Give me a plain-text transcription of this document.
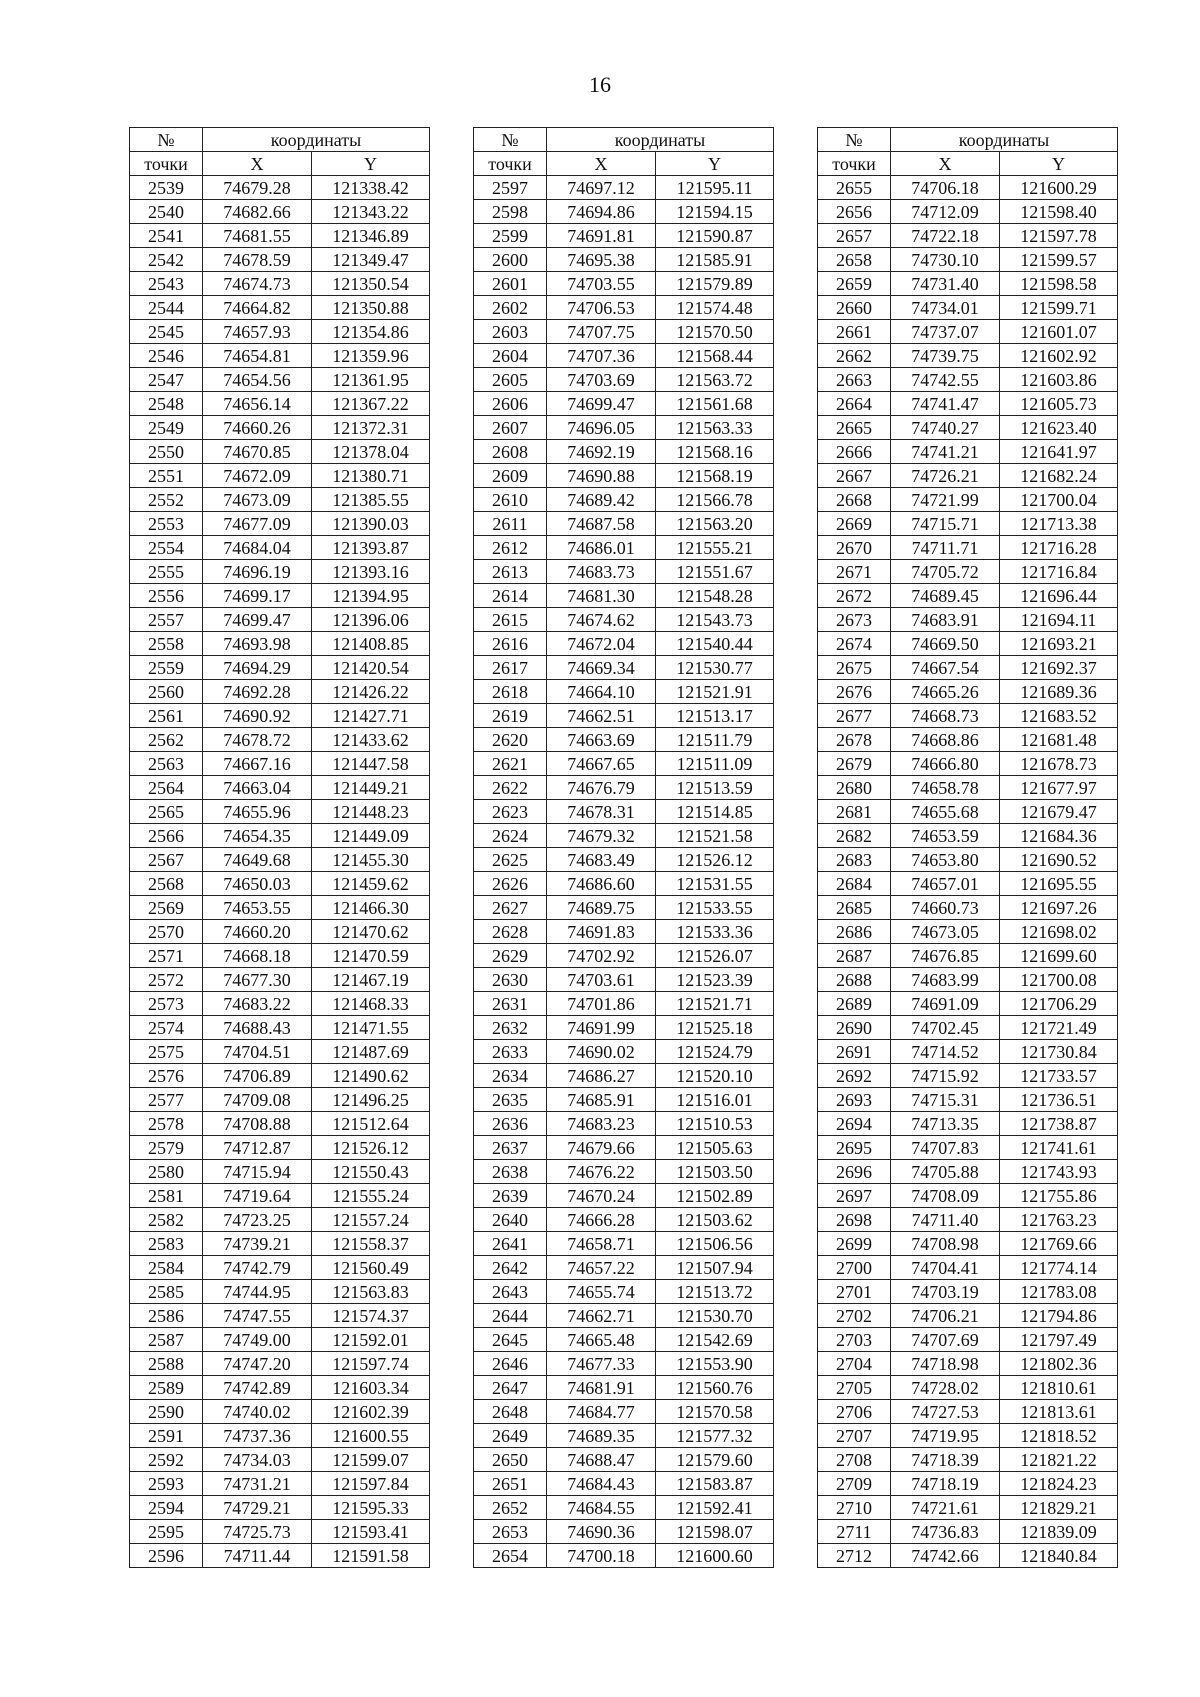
16
№	координаты	
точки	X	Y
2539	74679.28	121338.42
2540	74682.66	121343.22
2541	74681.55	121346.89
2542	74678.59	121349.47
2543	74674.73	121350.54
2544	74664.82	121350.88
2545	74657.93	121354.86
2546	74654.81	121359.96
2547	74654.56	121361.95
2548	74656.14	121367.22
2549	74660.26	121372.31
2550	74670.85	121378.04
2551	74672.09	121380.71
2552	74673.09	121385.55
2553	74677.09	121390.03
2554	74684.04	121393.87
2555	74696.19	121393.16
2556	74699.17	121394.95
2557	74699.47	121396.06
2558	74693.98	121408.85
2559	74694.29	121420.54
2560	74692.28	121426.22
2561	74690.92	121427.71
2562	74678.72	121433.62
2563	74667.16	121447.58
2564	74663.04	121449.21
2565	74655.96	121448.23
2566	74654.35	121449.09
2567	74649.68	121455.30
2568	74650.03	121459.62
2569	74653.55	121466.30
2570	74660.20	121470.62
2571	74668.18	121470.59
2572	74677.30	121467.19
2573	74683.22	121468.33
2574	74688.43	121471.55
2575	74704.51	121487.69
2576	74706.89	121490.62
2577	74709.08	121496.25
2578	74708.88	121512.64
2579	74712.87	121526.12
2580	74715.94	121550.43
2581	74719.64	121555.24
2582	74723.25	121557.24
2583	74739.21	121558.37
2584	74742.79	121560.49
2585	74744.95	121563.83
2586	74747.55	121574.37
2587	74749.00	121592.01
2588	74747.20	121597.74
2589	74742.89	121603.34
2590	74740.02	121602.39
2591	74737.36	121600.55
2592	74734.03	121599.07
2593	74731.21	121597.84
2594	74729.21	121595.33
2595	74725.73	121593.41
2596	74711.44	121591.58
№	координаты	
точки	X	Y
2597	74697.12	121595.11
2598	74694.86	121594.15
2599	74691.81	121590.87
2600	74695.38	121585.91
2601	74703.55	121579.89
2602	74706.53	121574.48
2603	74707.75	121570.50
2604	74707.36	121568.44
2605	74703.69	121563.72
2606	74699.47	121561.68
2607	74696.05	121563.33
2608	74692.19	121568.16
2609	74690.88	121568.19
2610	74689.42	121566.78
2611	74687.58	121563.20
2612	74686.01	121555.21
2613	74683.73	121551.67
2614	74681.30	121548.28
2615	74674.62	121543.73
2616	74672.04	121540.44
2617	74669.34	121530.77
2618	74664.10	121521.91
2619	74662.51	121513.17
2620	74663.69	121511.79
2621	74667.65	121511.09
2622	74676.79	121513.59
2623	74678.31	121514.85
2624	74679.32	121521.58
2625	74683.49	121526.12
2626	74686.60	121531.55
2627	74689.75	121533.55
2628	74691.83	121533.36
2629	74702.92	121526.07
2630	74703.61	121523.39
2631	74701.86	121521.71
2632	74691.99	121525.18
2633	74690.02	121524.79
2634	74686.27	121520.10
2635	74685.91	121516.01
2636	74683.23	121510.53
2637	74679.66	121505.63
2638	74676.22	121503.50
2639	74670.24	121502.89
2640	74666.28	121503.62
2641	74658.71	121506.56
2642	74657.22	121507.94
2643	74655.74	121513.72
2644	74662.71	121530.70
2645	74665.48	121542.69
2646	74677.33	121553.90
2647	74681.91	121560.76
2648	74684.77	121570.58
2649	74689.35	121577.32
2650	74688.47	121579.60
2651	74684.43	121583.87
2652	74684.55	121592.41
2653	74690.36	121598.07
2654	74700.18	121600.60
№	координаты	
точки	X	Y
2655	74706.18	121600.29
2656	74712.09	121598.40
2657	74722.18	121597.78
2658	74730.10	121599.57
2659	74731.40	121598.58
2660	74734.01	121599.71
2661	74737.07	121601.07
2662	74739.75	121602.92
2663	74742.55	121603.86
2664	74741.47	121605.73
2665	74740.27	121623.40
2666	74741.21	121641.97
2667	74726.21	121682.24
2668	74721.99	121700.04
2669	74715.71	121713.38
2670	74711.71	121716.28
2671	74705.72	121716.84
2672	74689.45	121696.44
2673	74683.91	121694.11
2674	74669.50	121693.21
2675	74667.54	121692.37
2676	74665.26	121689.36
2677	74668.73	121683.52
2678	74668.86	121681.48
2679	74666.80	121678.73
2680	74658.78	121677.97
2681	74655.68	121679.47
2682	74653.59	121684.36
2683	74653.80	121690.52
2684	74657.01	121695.55
2685	74660.73	121697.26
2686	74673.05	121698.02
2687	74676.85	121699.60
2688	74683.99	121700.08
2689	74691.09	121706.29
2690	74702.45	121721.49
2691	74714.52	121730.84
2692	74715.92	121733.57
2693	74715.31	121736.51
2694	74713.35	121738.87
2695	74707.83	121741.61
2696	74705.88	121743.93
2697	74708.09	121755.86
2698	74711.40	121763.23
2699	74708.98	121769.66
2700	74704.41	121774.14
2701	74703.19	121783.08
2702	74706.21	121794.86
2703	74707.69	121797.49
2704	74718.98	121802.36
2705	74728.02	121810.61
2706	74727.53	121813.61
2707	74719.95	121818.52
2708	74718.39	121821.22
2709	74718.19	121824.23
2710	74721.61	121829.21
2711	74736.83	121839.09
2712	74742.66	121840.84
